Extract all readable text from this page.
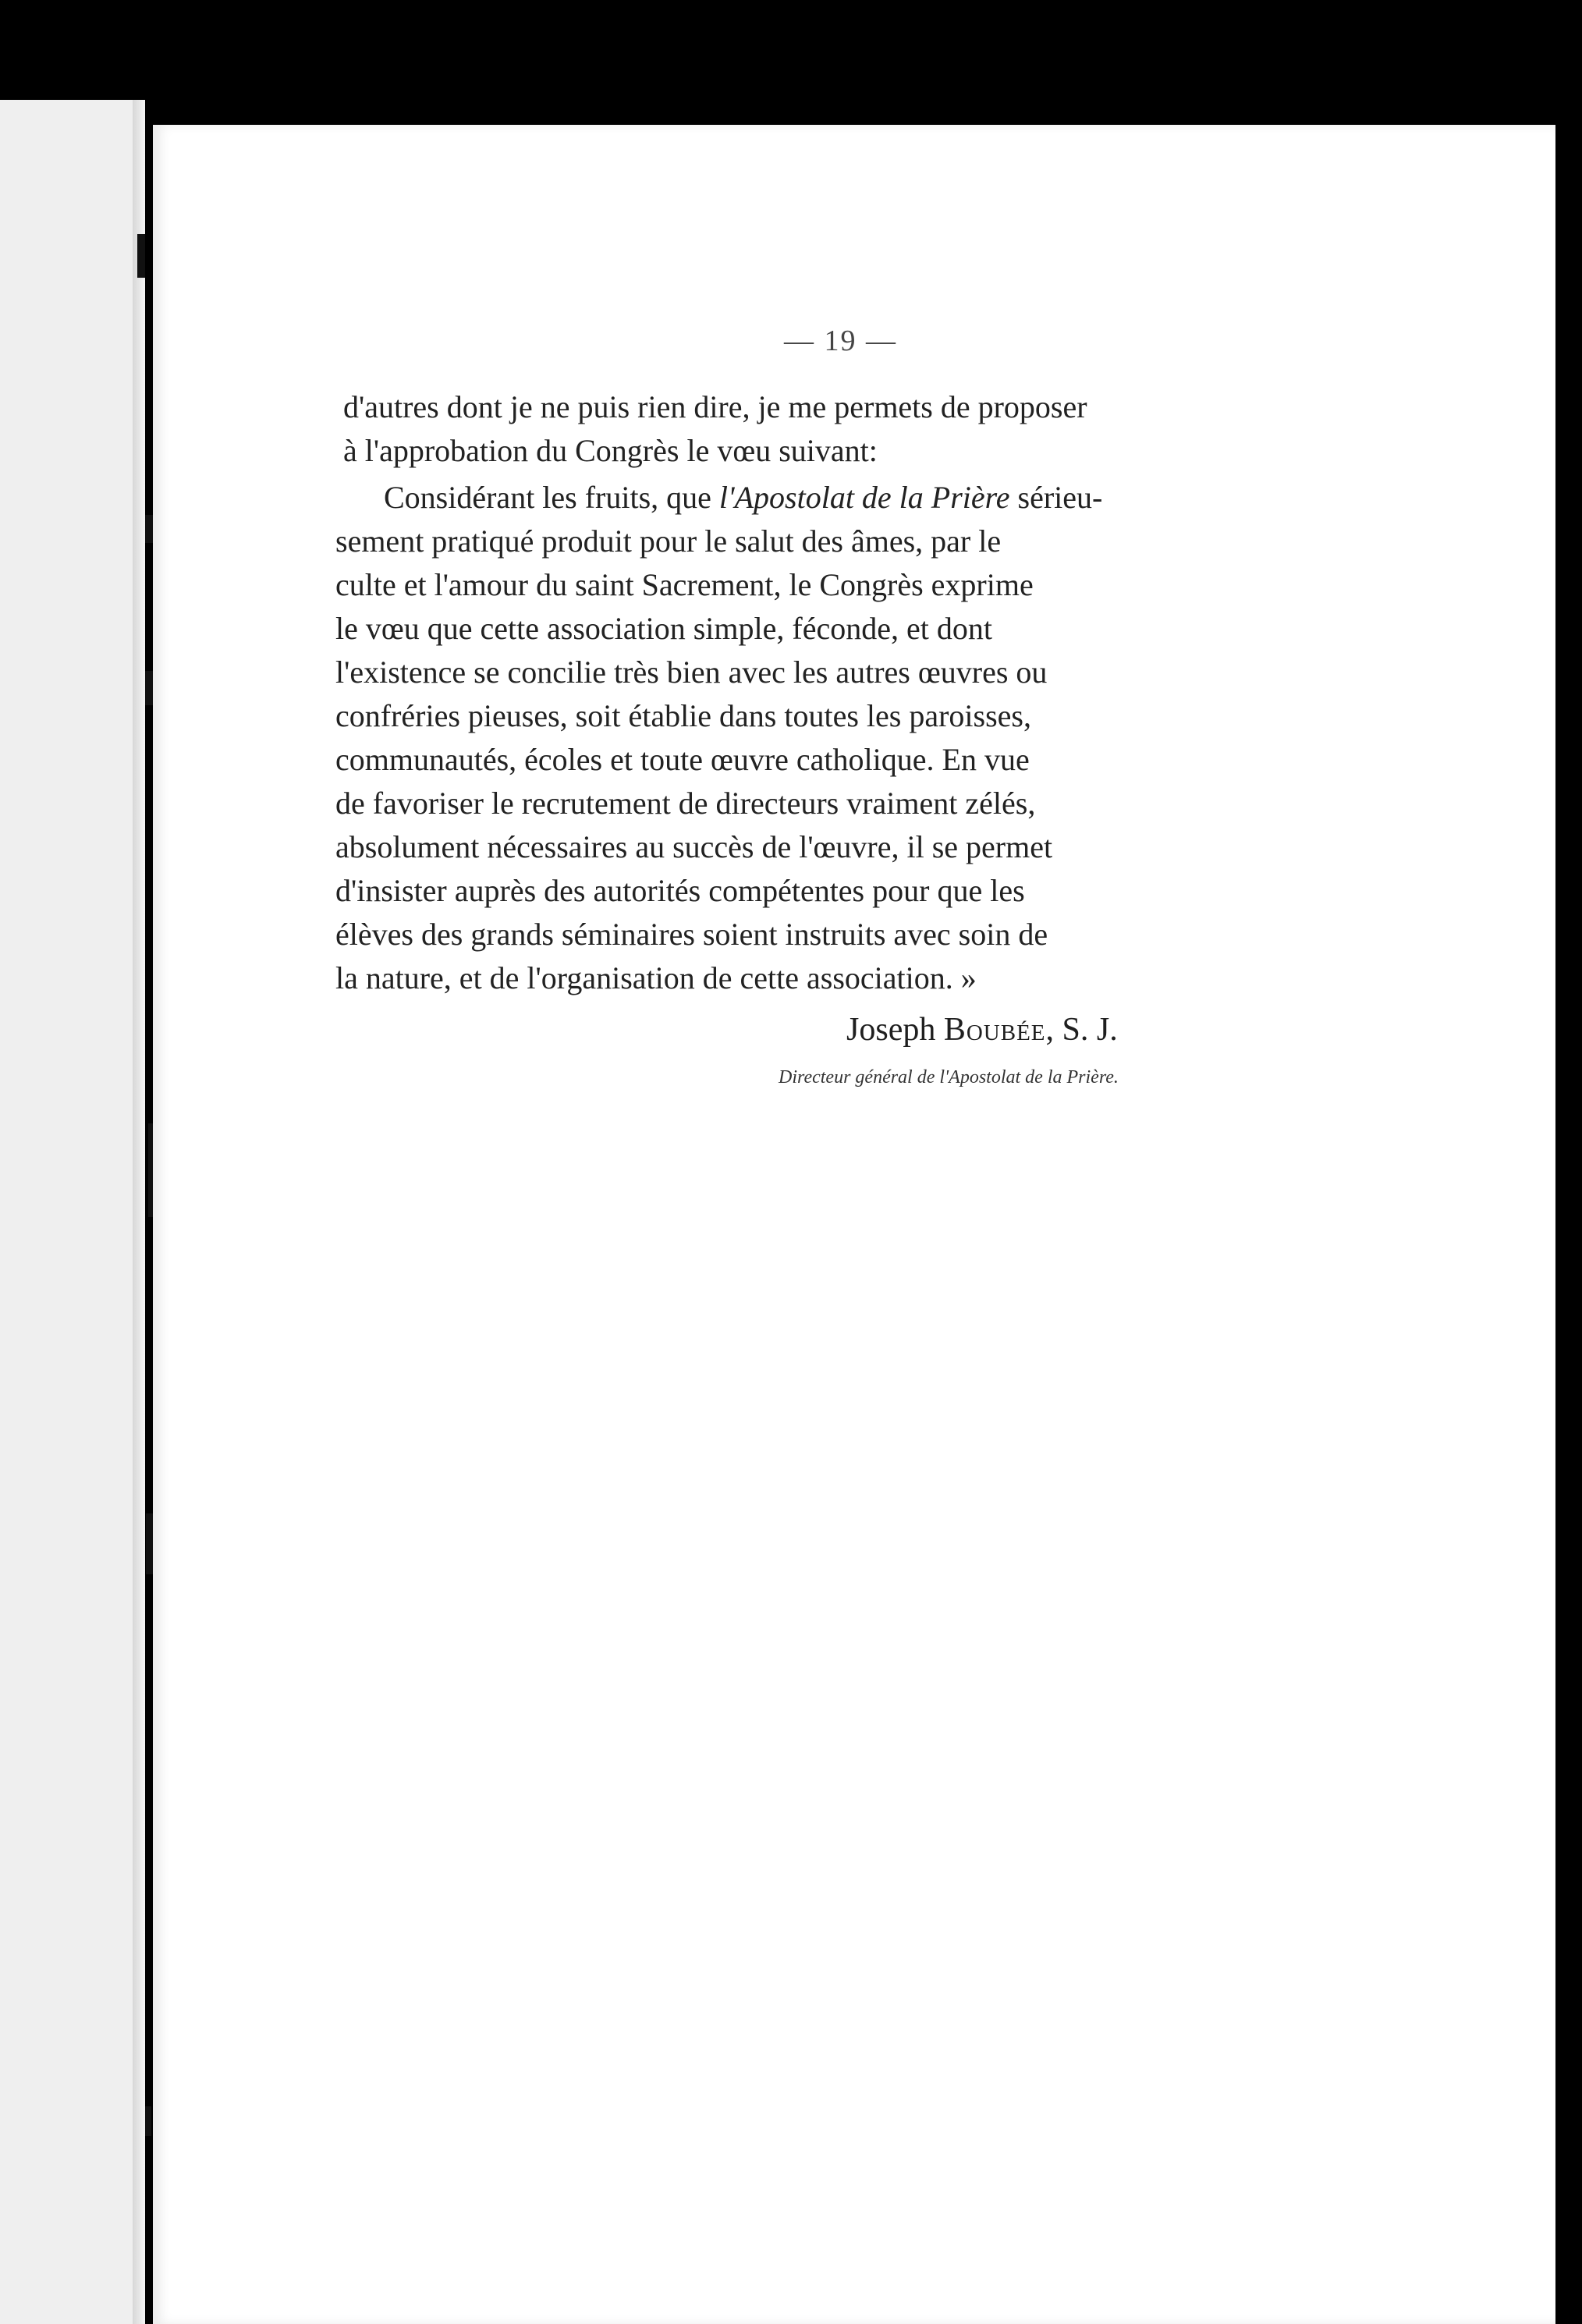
— 19 —
d'autres dont je ne puis rien dire, je me permets de proposer
à l'approbation du Congrès le vœu suivant:
Considérant les fruits, que l'Apostolat de la Prière sérieu-
sement pratiqué produit pour le salut des âmes, par le
culte et l'amour du saint Sacrement, le Congrès exprime
le vœu que cette association simple, féconde, et dont
l'existence se concilie très bien avec les autres œuvres ou
confréries pieuses, soit établie dans toutes les paroisses,
communautés, écoles et toute œuvre catholique. En vue
de favoriser le recrutement de directeurs vraiment zélés,
absolument nécessaires au succès de l'œuvre, il se permet
d'insister auprès des autorités compétentes pour que les
élèves des grands séminaires soient instruits avec soin de
la nature, et de l'organisation de cette association. »
Joseph Boubée, S. J.
Directeur général de l'Apostolat de la Prière.
